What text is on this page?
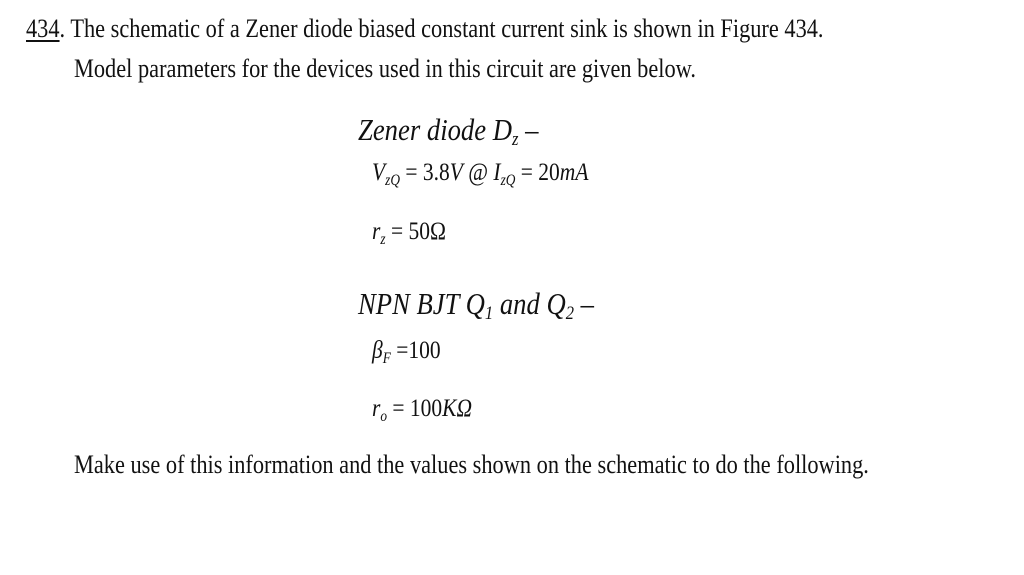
434. The schematic of a Zener diode biased constant current sink is shown in Figure 434.
Model parameters for the devices used in this circuit are given below.
Zener diode $D_z$ –
$V_{zQ} = 3.8V$ @ $I_{zQ} = 20mA$
$r_z = 50\Omega$
NPN BJT $Q_1$ and $Q_2$ –
$\beta_F =100$
$r_o = 100K\Omega$
Make use of this information and the values shown on the schematic to do the following.
